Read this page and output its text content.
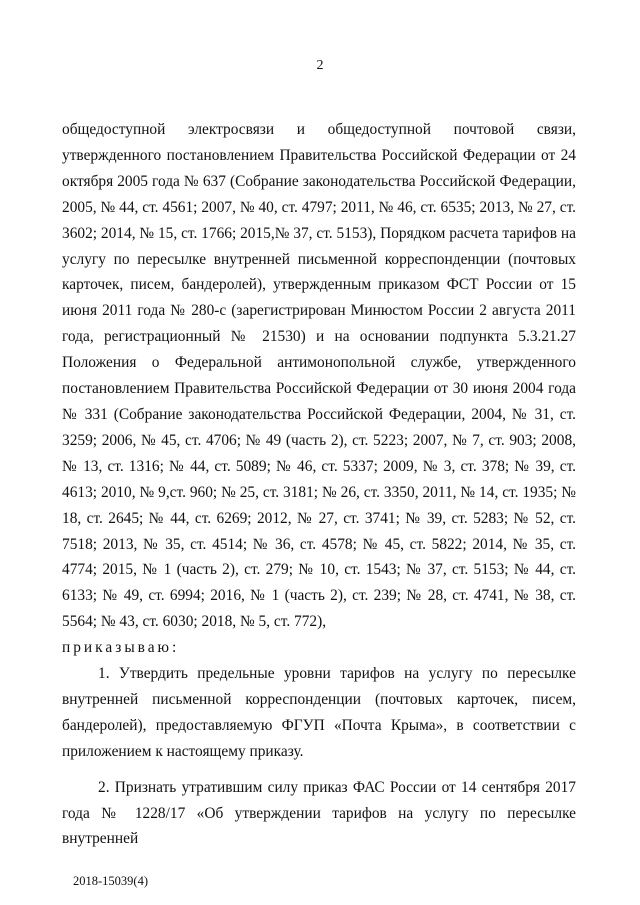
2

общедоступной электросвязи и общедоступной почтовой связи, утвержденного постановлением Правительства Российской Федерации от 24 октября 2005 года № 637 (Собрание законодательства Российской Федерации, 2005, № 44, ст. 4561; 2007, № 40, ст. 4797; 2011, № 46, ст. 6535; 2013, № 27, ст. 3602; 2014, № 15, ст. 1766; 2015,№ 37, ст. 5153), Порядком расчета тарифов на услугу по пересылке внутренней письменной корреспонденции (почтовых карточек, писем, бандеролей), утвержденным приказом ФСТ России от 15 июня 2011 года № 280-с (зарегистрирован Минюстом России 2 августа 2011 года, регистрационный № 21530) и на основании подпункта 5.3.21.27 Положения о Федеральной антимонопольной службе, утвержденного постановлением Правительства Российской Федерации от 30 июня 2004 года № 331 (Собрание законодательства Российской Федерации, 2004, № 31, ст. 3259; 2006, № 45, ст. 4706; № 49 (часть 2), ст. 5223; 2007, № 7, ст. 903; 2008, № 13, ст. 1316; № 44, ст. 5089; № 46, ст. 5337; 2009, № 3, ст. 378; № 39, ст. 4613; 2010, № 9,ст. 960; № 25, ст. 3181; № 26, ст. 3350, 2011, № 14, ст. 1935; № 18, ст. 2645; № 44, ст. 6269; 2012, № 27, ст. 3741; № 39, ст. 5283; № 52, ст. 7518; 2013, № 35, ст. 4514; № 36, ст. 4578; № 45, ст. 5822; 2014, № 35, ст. 4774; 2015, № 1 (часть 2), ст. 279; № 10, ст. 1543; № 37, ст. 5153; № 44, ст. 6133; № 49, ст. 6994; 2016, № 1 (часть 2), ст. 239; № 28, ст. 4741, № 38, ст. 5564; № 43, ст. 6030; 2018, № 5, ст. 772),

приказываю:

1. Утвердить предельные уровни тарифов на услугу по пересылке внутренней письменной корреспонденции (почтовых карточек, писем, бандеролей), предоставляемую ФГУП «Почта Крыма», в соответствии с приложением к настоящему приказу.

2. Признать утратившим силу приказ ФАС России от 14 сентября 2017 года № 1228/17 «Об утверждении тарифов на услугу по пересылке внутренней

2018-15039(4)
